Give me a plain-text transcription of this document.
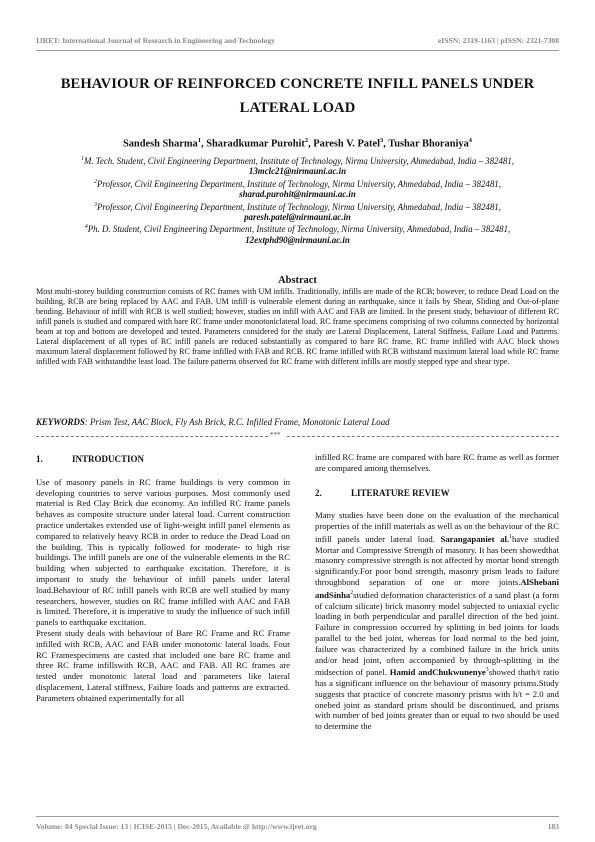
IJRET: International Journal of Research in Engineering and Technology	eISSN: 2319-1163 | pISSN: 2321-7308
BEHAVIOUR OF REINFORCED CONCRETE INFILL PANELS UNDER
LATERAL LOAD
Sandesh Sharma$^1$, Sharadkumar Purohit$^2$, Paresh V. Patel$^3$, Tushar Bhoraniya$^4$

$^1$M. Tech. Student, Civil Engineering Department, Institute of Technology, Nirma University, Ahmedabad, India – 382481, 13mclc21@nirmauni.ac.in

$^2$Professor, Civil Engineering Department, Institute of Technology, Nirma University, Ahmedabad, India – 382481, sharad.purohit@nirmauni.ac.in

$^3$Professor, Civil Engineering Department, Institute of Technology, Nirma University, Ahmedabad, India – 382481, paresh.patel@nirmauni.ac.in

$^4$Ph. D. Student, Civil Engineering Department, Institute of Technology, Nirma University, Ahmedabad, India – 382481, 12extphd90@nirmauni.ac.in

Abstract
Most multi-storey building construction consists of RC frames with UM infills. Traditionally, infills are made of the RCB; however, to reduce Dead Load on the building, RCB are being replaced by AAC and FAB. UM infill is vulnerable element during an earthquake, since it fails by Shear, Sliding and Out-of-plane bending. Behaviour of infill with RCB is well studied; however, studies on infill with AAC and FAB are limited. In the present study, behaviour of different RC infill panels is studied and compared with bare RC frame under monotoniclateral load. RC frame specimens comprising of two columns connected by horizontal beam at top and bottom are developed and tested. Parameters considered for the study are Lateral Displacement, Lateral Stiffness, Failure Load and Patterns. Lateral displacement of all types of RC infill panels are reduced substantially as compared to bare RC frame. RC frame infilled with AAC block shows maximum lateral displacement followed by RC frame infilled with FAB and RCB. RC frame infilled with RCB withstand maximum lateral load while RC frame infilled with FAB withstandthe least load. The failure patterns observed for RC frame with different infills are mostly stepped type and shear type.
KEYWORDS: Prism Test, AAC Block, Fly Ash Brick, R.C. Infilled Frame, Monotonic Lateral Load
***
1.	INTRODUCTION

Use of masonry panels in RC frame buildings is very common in developing countries to serve various purposes. Most commonly used material is Red Clay Brick due economy. An infilled RC frame panels behaves as composite structure under lateral load. Current construction practice undertakes extended use of light-weight infill panel elements as compared to relatively heavy RCB in order to reduce the Dead Load on the building. This is typically followed for moderate- to high rise buildings. The infill panels are one of the vulnerable elements in the RC building when subjected to earthquake excitation. Therefore, it is important to study the behaviour of infill panels under lateral load.Behaviour of RC infill panels with RCB are well studied by many researchers, however, studies on RC frame infilled with AAC and FAB is limited. Therefore, it is imperative to study the influence of such infill panels to earthquake excitation.

Present study deals with behaviour of Bare RC Frame and RC Frame infilled with RCB, AAC and FAB under monotonic lateral loads. Four RC Framespecimens are casted that included one bare RC frame and three RC frame infillswith RCB, AAC and FAB. All RC frames are tested under monotonic lateral load and parameters like lateral displacement, Lateral stiffness, Failure loads and patterns are extracted. Parameters obtained experimentally for all

infilled RC frame are compared with bare RC frame as well as former are compared among themselves.

2.	LITERATURE REVIEW

Many studies have been done on the evaluation of the mechanical properties of the infill materials as well as on the behaviour of the RC infill panels under lateral load. Sarangapaniet al.$^1$have studied Mortar and Compressive Strength of masonry. It has been showedthat masonry compressive strength is not affected by mortar bond strength significantly.For poor bond strength, masonry prism leads to failure throughbond separation of one or more joints.AlShebani andSinha$^2$studied deformation characteristics of a sand plast (a form of calcium silicate) brick masonry model subjected to uniaxial cyclic loading in both perpendicular and parallel direction of the bed joint. Failure in compression occurred by splitting in bed joints for loads parallel to the bed joint, whereas for load normal to the bed joint, failure was characterized by a combined failure in the brick units and/or head joint, often accompanied by through-splitting in the midsection of panel. Hamid andChukwunenye$^3$showed thath/t ratio has a significant influence on the behaviour of masonry prisms.Study suggests that practice of concrete masonry prisms with h/t = 2.0 and onebed joint as standard prism should be discontinued, and prisms with number of bed joints greater than or equal to two should be used to determine the

Volume: 04 Special Issue: 13 | ICISE-2015 | Dec-2015, Available @ http://www.ijret.org	183
